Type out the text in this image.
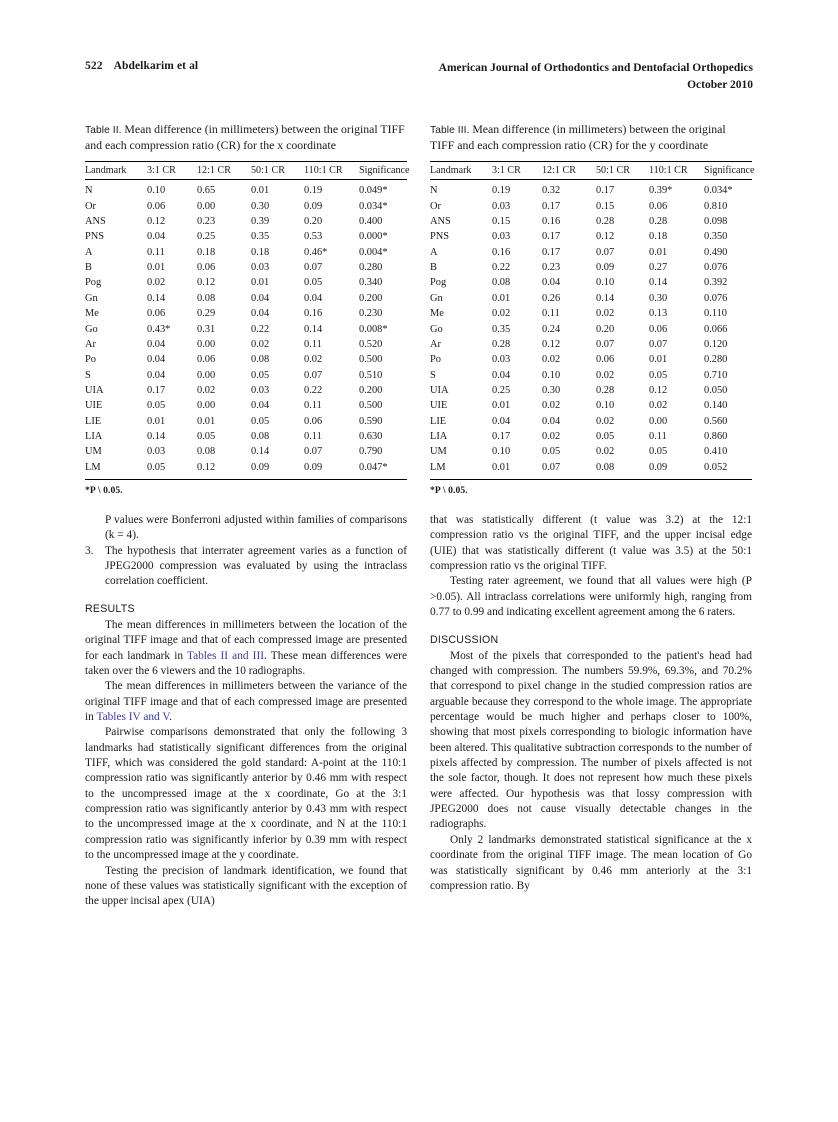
522 Abdelkarim et al	American Journal of Orthodontics and Dentofacial Orthopedics
October 2010
Table II. Mean difference (in millimeters) between the original TIFF and each compression ratio (CR) for the x coordinate
Landmark	3:1 CR	12:1 CR	50:1 CR	110:1 CR	Significance
N	0.10	0.65	0.01	0.19	0.049*
Or	0.06	0.00	0.30	0.09	0.034*
ANS	0.12	0.23	0.39	0.20	0.400
PNS	0.04	0.25	0.35	0.53	0.000*
A	0.11	0.18	0.18	0.46*	0.004*
B	0.01	0.06	0.03	0.07	0.280
Pog	0.02	0.12	0.01	0.05	0.340
Gn	0.14	0.08	0.04	0.04	0.200
Me	0.06	0.29	0.04	0.16	0.230
Go	0.43*	0.31	0.22	0.14	0.008*
Ar	0.04	0.00	0.02	0.11	0.520
Po	0.04	0.06	0.08	0.02	0.500
S	0.04	0.00	0.05	0.07	0.510
UIA	0.17	0.02	0.03	0.22	0.200
UIE	0.05	0.00	0.04	0.11	0.500
LIE	0.01	0.01	0.05	0.06	0.590
LIA	0.14	0.05	0.08	0.11	0.630
UM	0.03	0.08	0.14	0.07	0.790
LM	0.05	0.12	0.09	0.09	0.047*
*P \ 0.05.

P values were Bonferroni adjusted within families of comparisons (k = 4).

3. The hypothesis that interrater agreement varies as a function of JPEG2000 compression was evaluated by using the intraclass correlation coefficient.
RESULTS

The mean differences in millimeters between the location of the original TIFF image and that of each compressed image are presented for each landmark in Tables II and III. These mean differences were taken over the 6 viewers and the 10 radiographs.

The mean differences in millimeters between the variance of the original TIFF image and that of each compressed image are presented in Tables IV and V.

Pairwise comparisons demonstrated that only the following 3 landmarks had statistically significant differences from the original TIFF, which was considered the gold standard: A-point at the 110:1 compression ratio was significantly anterior by 0.46 mm with respect to the uncompressed image at the x coordinate, Go at the 3:1 compression ratio was significantly anterior by 0.43 mm with respect to the uncompressed image at the x coordinate, and N at the 110:1 compression ratio was significantly inferior by 0.39 mm with respect to the uncompressed image at the y coordinate.

Testing the precision of landmark identification, we found that none of these values was statistically significant with the exception of the upper incisal apex (UIA)

Table III. Mean difference (in millimeters) between the original TIFF and each compression ratio (CR) for the y coordinate
Landmark	3:1 CR	12:1 CR	50:1 CR	110:1 CR	Significance
N	0.19	0.32	0.17	0.39*	0.034*
Or	0.03	0.17	0.15	0.06	0.810
ANS	0.15	0.16	0.28	0.28	0.098
PNS	0.03	0.17	0.12	0.18	0.350
A	0.16	0.17	0.07	0.01	0.490
B	0.22	0.23	0.09	0.27	0.076
Pog	0.08	0.04	0.10	0.14	0.392
Gn	0.01	0.26	0.14	0.30	0.076
Me	0.02	0.11	0.02	0.13	0.110
Go	0.35	0.24	0.20	0.06	0.066
Ar	0.28	0.12	0.07	0.07	0.120
Po	0.03	0.02	0.06	0.01	0.280
S	0.04	0.10	0.02	0.05	0.710
UIA	0.25	0.30	0.28	0.12	0.050
UIE	0.01	0.02	0.10	0.02	0.140
LIE	0.04	0.04	0.02	0.00	0.560
LIA	0.17	0.02	0.05	0.11	0.860
UM	0.10	0.05	0.02	0.05	0.410
LM	0.01	0.07	0.08	0.09	0.052
*P \ 0.05.

that was statistically different (t value was 3.2) at the 12:1 compression ratio vs the original TIFF, and the upper incisal edge (UIE) that was statistically different (t value was 3.5) at the 50:1 compression ratio vs the original TIFF.

Testing rater agreement, we found that all values were high (P >0.05). All intraclass correlations were uniformly high, ranging from 0.77 to 0.99 and indicating excellent agreement among the 6 raters.

DISCUSSION

Most of the pixels that corresponded to the patient's head had changed with compression. The numbers 59.9%, 69.3%, and 70.2% that correspond to pixel change in the studied compression ratios are arguable because they correspond to the whole image. The appropriate percentage would be much higher and perhaps closer to 100%, showing that most pixels corresponding to biologic information have been altered. This qualitative subtraction corresponds to the number of pixels affected by compression. The number of pixels affected is not the sole factor, though. It does not represent how much these pixels were affected. Our hypothesis was that lossy compression with JPEG2000 does not cause visually detectable changes in the radiographs.

Only 2 landmarks demonstrated statistical significance at the x coordinate from the original TIFF image. The mean location of Go was statistically significant by 0.46 mm anteriorly at the 3:1 compression ratio. By
